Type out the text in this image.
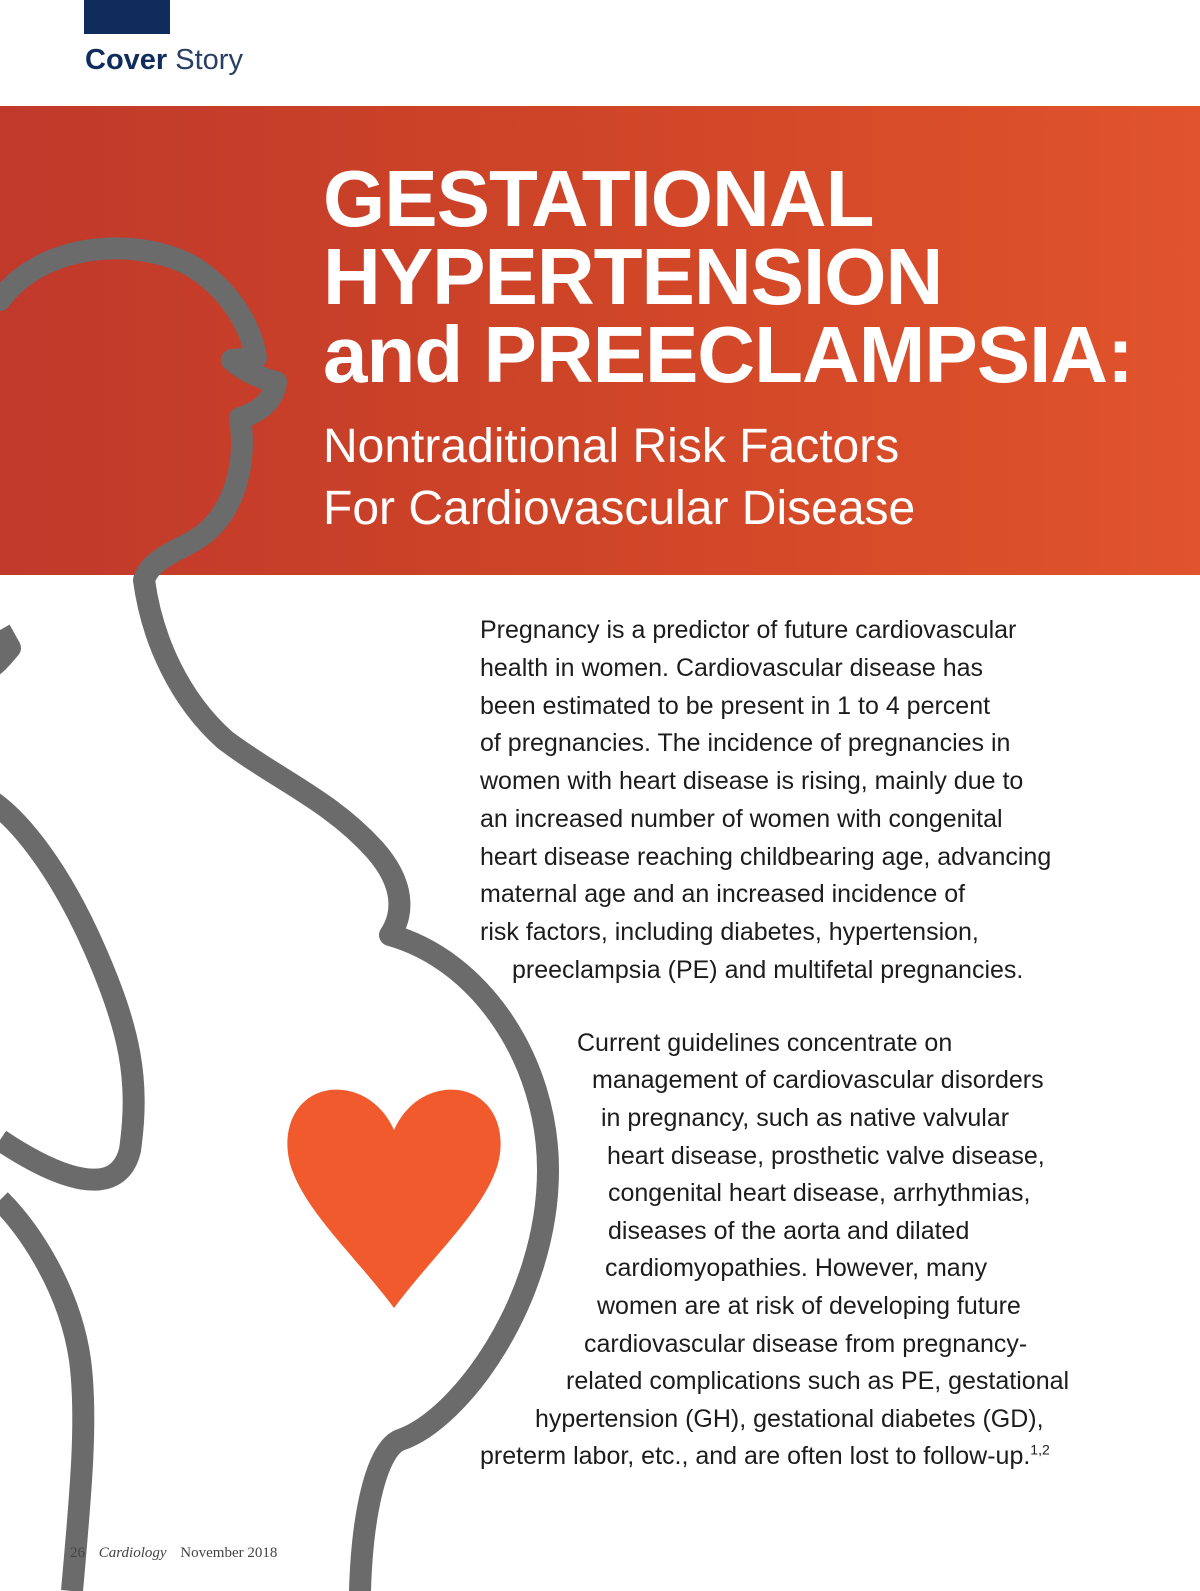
Cover Story
GESTATIONAL
HYPERTENSION
and PREECLAMPSIA:
Nontraditional Risk Factors
For Cardiovascular Disease
Pregnancy is a predictor of future cardiovascular
health in women. Cardiovascular disease has
been estimated to be present in 1 to 4 percent
of pregnancies. The incidence of pregnancies in
women with heart disease is rising, mainly due to
an increased number of women with congenital
heart disease reaching childbearing age, advancing
maternal age and an increased incidence of
risk factors, including diabetes, hypertension,
preeclampsia (PE) and multifetal pregnancies.
Current guidelines concentrate on
management of cardiovascular disorders
in pregnancy, such as native valvular
heart disease, prosthetic valve disease,
congenital heart disease, arrhythmias,
diseases of the aorta and dilated
cardiomyopathies. However, many
women are at risk of developing future
cardiovascular disease from pregnancy-
related complications such as PE, gestational
hypertension (GH), gestational diabetes (GD),
preterm labor, etc., and are often lost to follow-up.$^{1,2}$
26 Cardiology November 2018
